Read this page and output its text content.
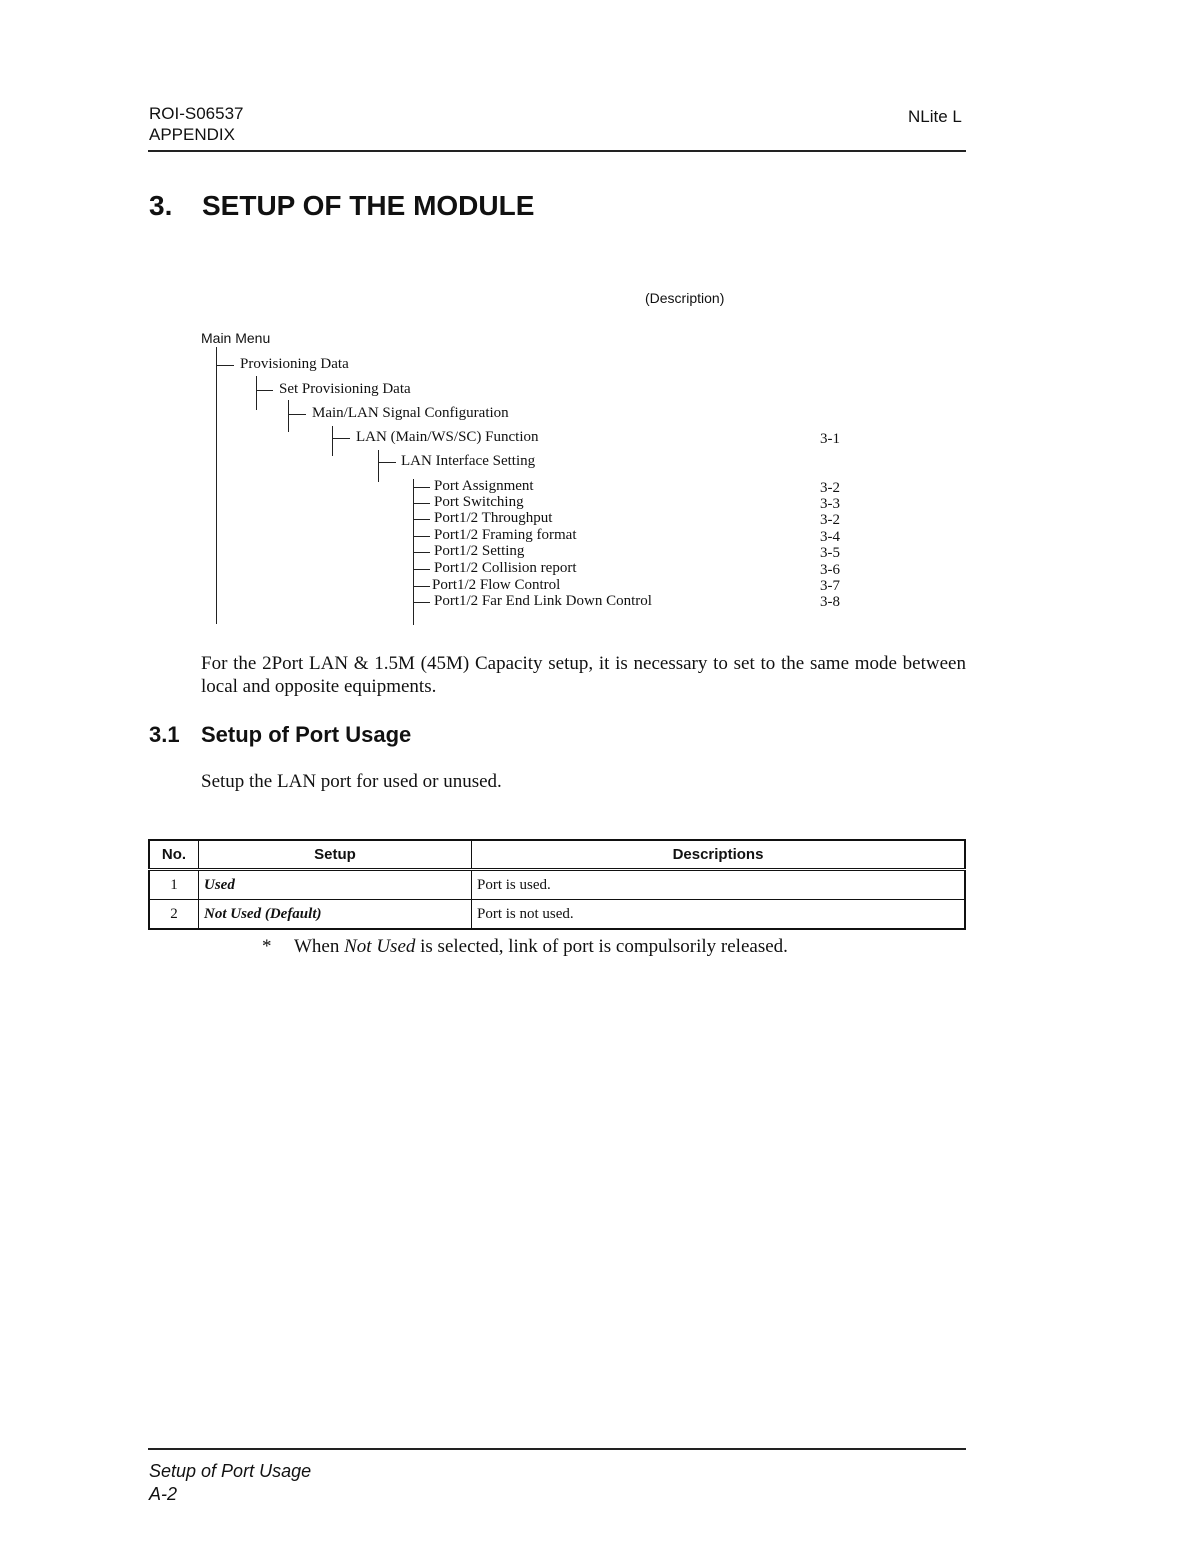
ROI-S06537
APPENDIX
NLite L
3. SETUP OF THE MODULE
(Description)
Main Menu
Provisioning Data
Set Provisioning Data
Main/LAN Signal Configuration
LAN (Main/WS/SC) Function	3-1
LAN Interface Setting
Port Assignment	3-2
Port Switching	3-3
Port1/2 Throughput	3-2
Port1/2 Framing format	3-4
Port1/2 Setting	3-5
Port1/2 Collision report	3-6
Port1/2 Flow Control	3-7
Port1/2 Far End Link Down Control	3-8
For the 2Port LAN & 1.5M (45M) Capacity setup, it is necessary to set to the same mode between local and opposite equipments.
3.1 Setup of Port Usage
Setup the LAN port for used or unused.
No.	Setup	Descriptions
1	Used	Port is used.
2	Not Used (Default)	Port is not used.
* When Not Used is selected, link of port is compulsorily released.
Setup of Port Usage
A-2
